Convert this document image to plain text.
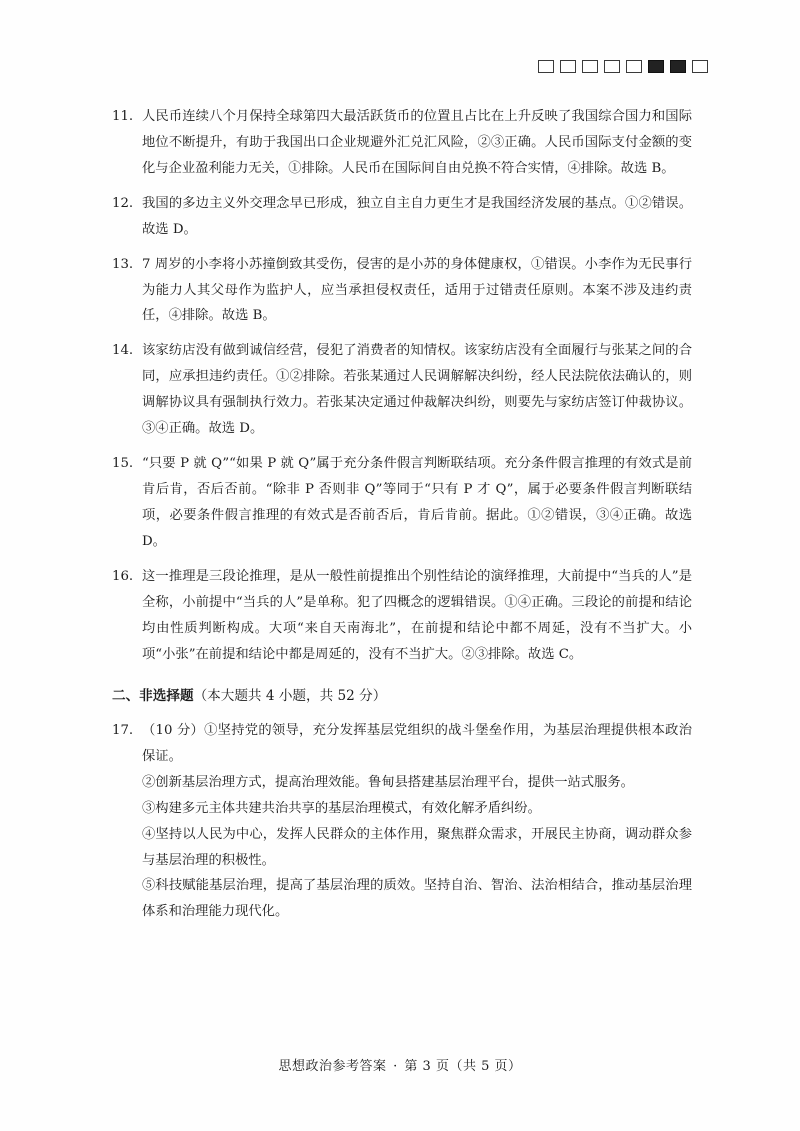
11. 人民币连续八个月保持全球第四大最活跃货币的位置且占比在上升反映了我国综合国力和国际地位不断提升，有助于我国出口企业规避外汇兑汇风险，②③正确。人民币国际支付金额的变化与企业盈利能力无关，①排除。人民币在国际间自由兑换不符合实情，④排除。故选 B。
12. 我国的多边主义外交理念早已形成，独立自主自力更生才是我国经济发展的基点。①②错误。故选 D。
13. 7 周岁的小李将小苏撞倒致其受伤，侵害的是小苏的身体健康权，①错误。小李作为无民事行为能力人其父母作为监护人，应当承担侵权责任，适用于过错责任原则。本案不涉及违约责任，④排除。故选 B。
14. 该家纺店没有做到诚信经营，侵犯了消费者的知情权。该家纺店没有全面履行与张某之间的合同，应承担违约责任。①②排除。若张某通过人民调解解决纠纷，经人民法院依法确认的，则调解协议具有强制执行效力。若张某决定通过仲裁解决纠纷，则要先与家纺店签订仲裁协议。③④正确。故选 D。
15. “只要 P 就 Q”“如果 P 就 Q”属于充分条件假言判断联结项。充分条件假言推理的有效式是前肯后肯，否后否前。“除非 P 否则非 Q”等同于“只有 P 才 Q”，属于必要条件假言判断联结项，必要条件假言推理的有效式是否前否后，肯后肯前。据此。①②错误，③④正确。故选 D。
16. 这一推理是三段论推理，是从一般性前提推出个别性结论的演绎推理，大前提中“当兵的人”是全称，小前提中“当兵的人”是单称。犯了四概念的逻辑错误。①④正确。三段论的前提和结论均由性质判断构成。大项“来自天南海北”，在前提和结论中都不周延，没有不当扩大。小项“小张”在前提和结论中都是周延的，没有不当扩大。②③排除。故选 C。
二、非选择题（本大题共 4 小题，共 52 分）
17. （10 分）①坚持党的领导，充分发挥基层党组织的战斗堡垒作用，为基层治理提供根本政治保证。
②创新基层治理方式，提高治理效能。鲁甸县搭建基层治理平台，提供一站式服务。
③构建多元主体共建共治共享的基层治理模式，有效化解矛盾纠纷。
④坚持以人民为中心，发挥人民群众的主体作用，聚焦群众需求，开展民主协商，调动群众参与基层治理的积极性。
⑤科技赋能基层治理，提高了基层治理的质效。坚持自治、智治、法治相结合，推动基层治理体系和治理能力现代化。
思想政治参考答案 · 第 3 页（共 5 页）
